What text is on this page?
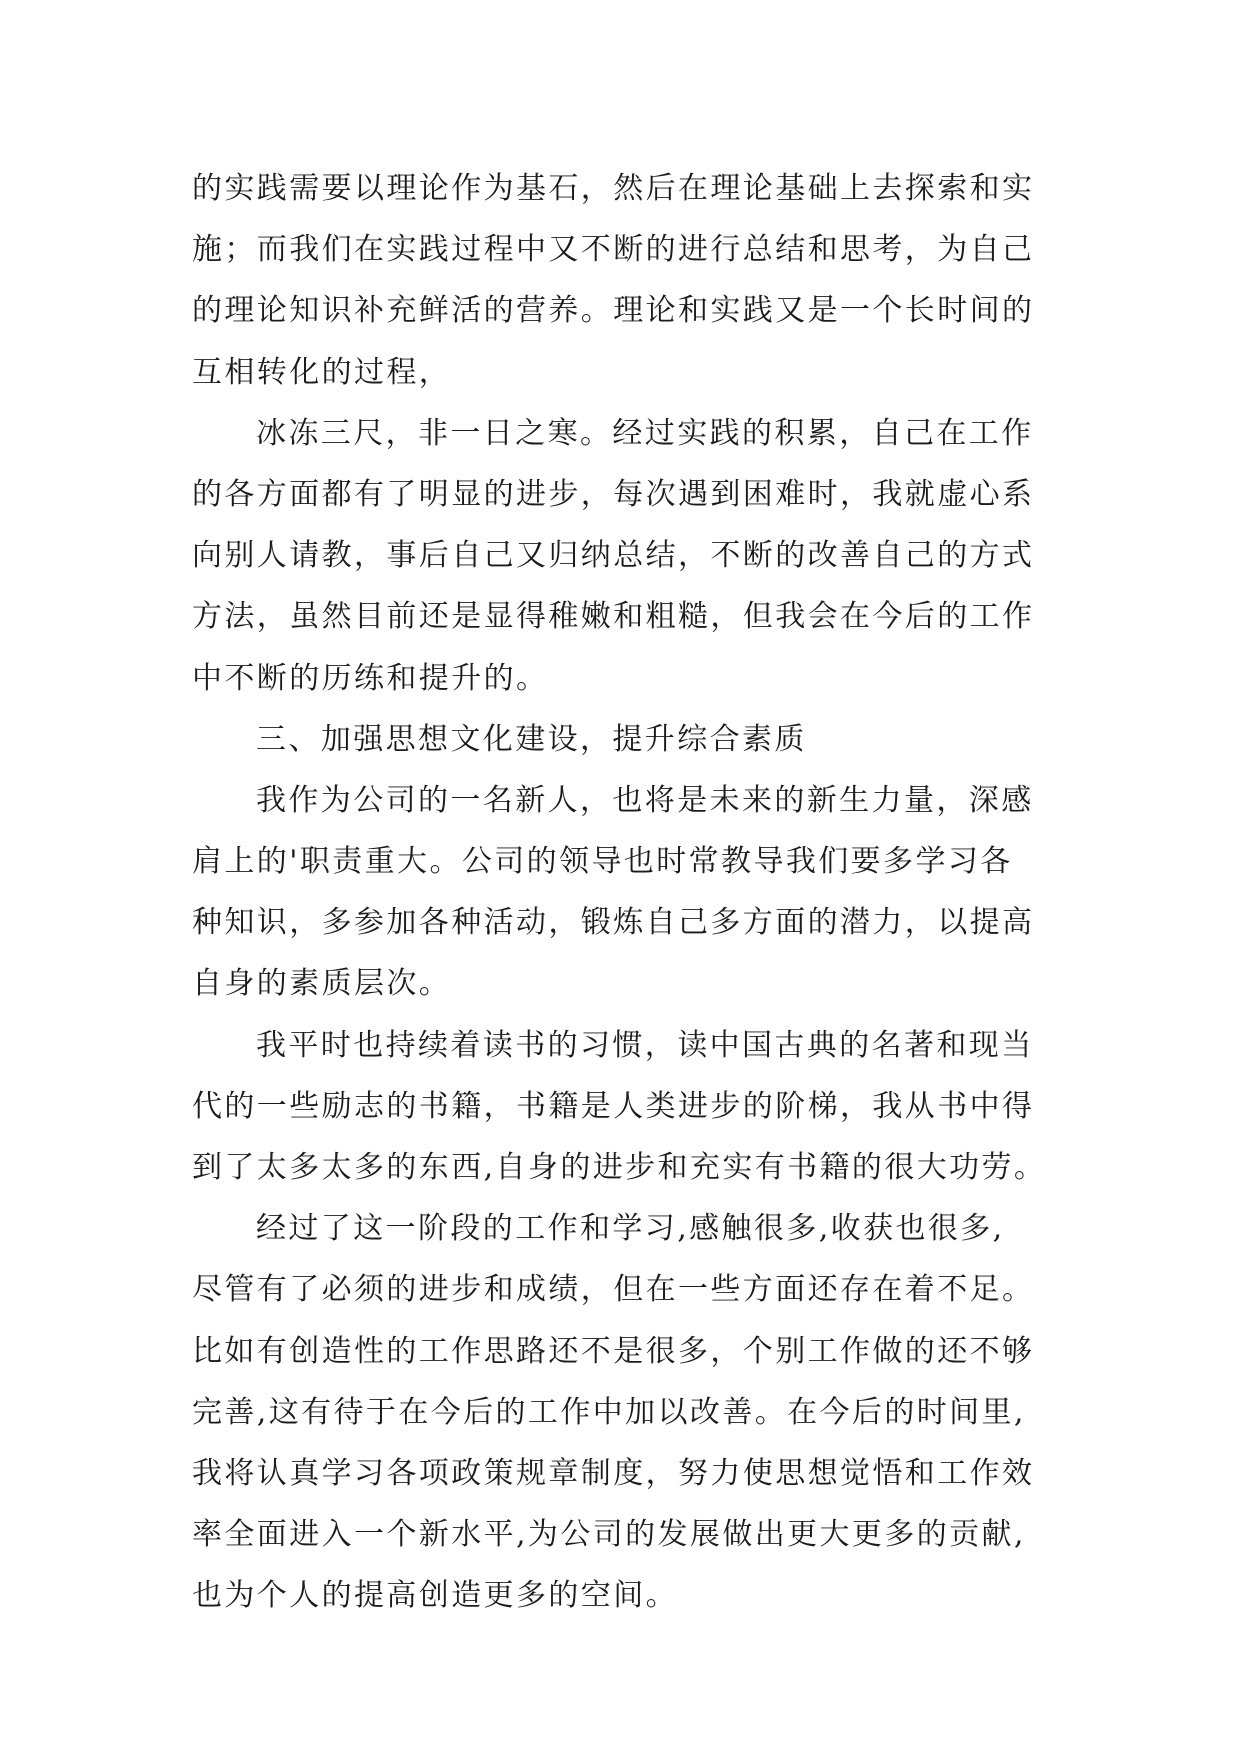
的实践需要以理论作为基石，然后在理论基础上去探索和实
施；而我们在实践过程中又不断的进行总结和思考，为自己
的理论知识补充鲜活的营养。理论和实践又是一个长时间的
互相转化的过程，
冰冻三尺，非一日之寒。经过实践的积累，自己在工作
的各方面都有了明显的进步，每次遇到困难时，我就虚心系
向别人请教，事后自己又归纳总结，不断的改善自己的方式
方法，虽然目前还是显得稚嫩和粗糙，但我会在今后的工作
中不断的历练和提升的。
三、加强思想文化建设，提升综合素质
我作为公司的一名新人，也将是未来的新生力量，深感
肩上的'职责重大。公司的领导也时常教导我们要多学习各
种知识，多参加各种活动，锻炼自己多方面的潜力，以提高
自身的素质层次。
我平时也持续着读书的习惯，读中国古典的名著和现当
代的一些励志的书籍，书籍是人类进步的阶梯，我从书中得
到了太多太多的东西,自身的进步和充实有书籍的很大功劳。
经过了这一阶段的工作和学习,感触很多,收获也很多,
尽管有了必须的进步和成绩，但在一些方面还存在着不足。
比如有创造性的工作思路还不是很多，个别工作做的还不够
完善,这有待于在今后的工作中加以改善。在今后的时间里,
我将认真学习各项政策规章制度，努力使思想觉悟和工作效
率全面进入一个新水平,为公司的发展做出更大更多的贡献,
也为个人的提高创造更多的空间。
